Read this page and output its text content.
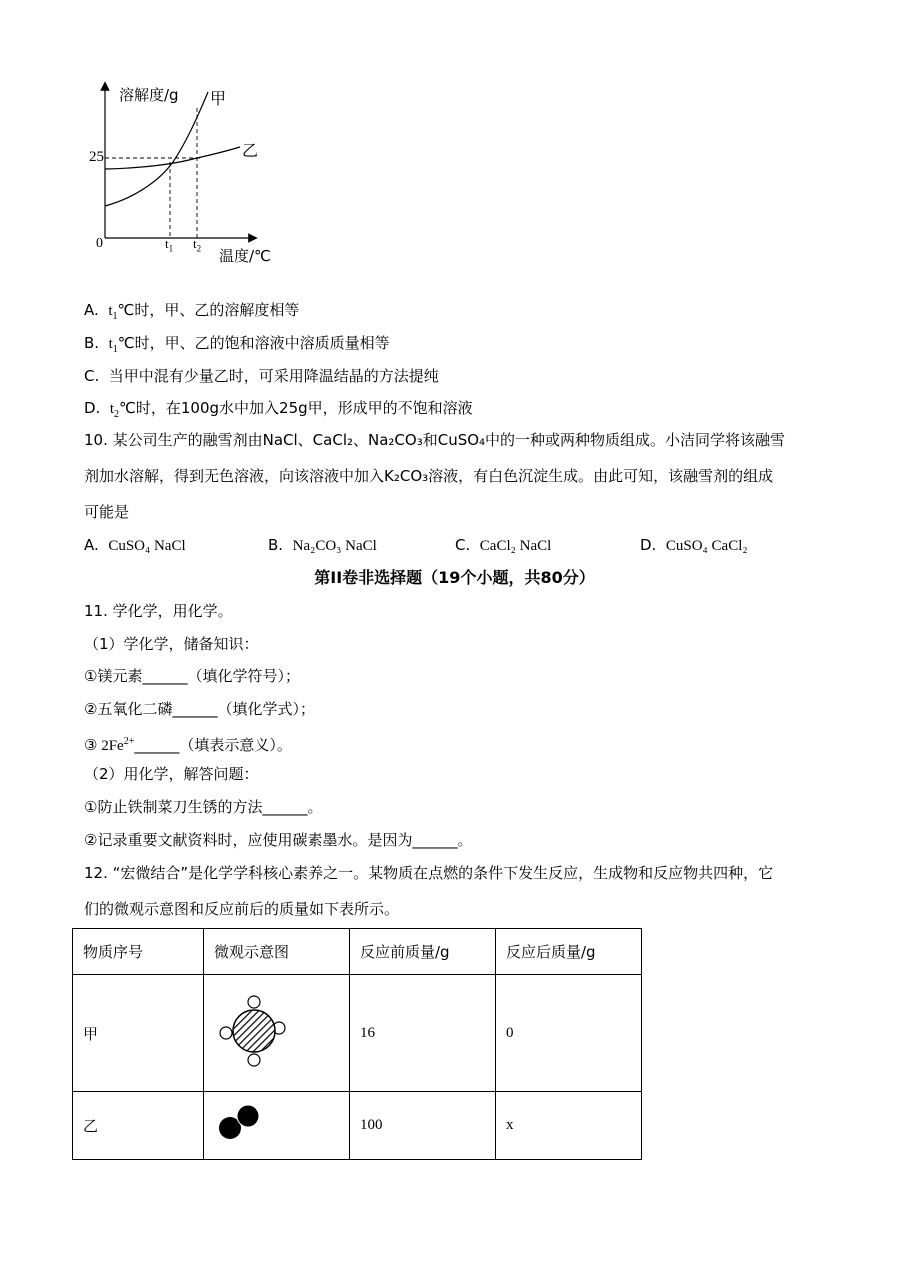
溶解度/g 甲
乙
25
0	$t_1$ $t_2$ 温度/℃
A. $t_1℃$时，甲、乙的溶解度相等
B. $t_1℃$时，甲、乙的饱和溶液中溶质质量相等
C. 当甲中混有少量乙时，可采用降温结晶的方法提纯
D. $t_2℃$时，在100g水中加入25g甲，形成甲的不饱和溶液
10. 某公司生产的融雪剂由NaCl、CaCl₂、Na₂CO₃和CuSO₄中的一种或两种物质组成。小洁同学将该融雪
剂加水溶解，得到无色溶液，向该溶液中加入K₂CO₃溶液，有白色沉淀生成。由此可知，该融雪剂的组成
可能是
A. CuSO₄ NaCl	B. Na₂CO₃ NaCl	C. CaCl₂ NaCl	D. CuSO₄ CaCl₂
第II卷非选择题（19个小题，共80分）
11. 学化学，用化学。
（1）学化学，储备知识：
①镁元素______（填化学符号）；
②五氧化二磷______（填化学式）；
③ $2Fe^{2+}\_\_\_\_\_\_$（填表示意义）。
（2）用化学，解答问题：
①防止铁制菜刀生锈的方法______。
②记录重要文献资料时，应使用碳素墨水。是因为______。
12. “宏微结合”是化学学科核心素养之一。某物质在点燃的条件下发生反应，生成物和反应物共四种，它
们的微观示意图和反应前后的质量如下表所示。
物质序号	微观示意图	反应前质量/g	反应后质量/g
甲		16	0
乙		100	x
